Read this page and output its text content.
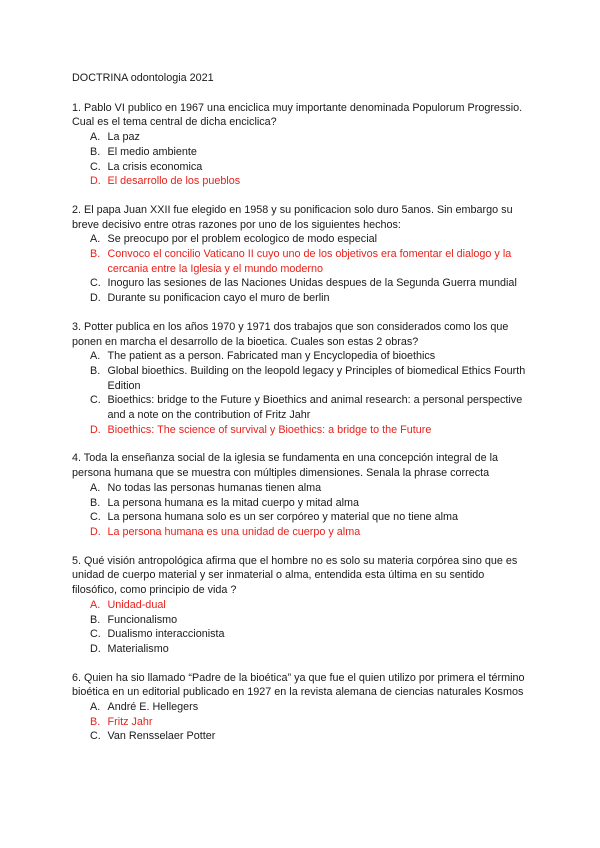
DOCTRINA odontologia 2021

1. Pablo VI publico en 1967 una enciclica muy importante denominada Populorum Progressio. Cual es el tema central de dicha enciclica?

A. La paz
B. El medio ambiente
C. La crisis economica
D. El desarrollo de los pueblos

2. El papa Juan XXII fue elegido en 1958 y su ponificacion solo duro 5anos. Sin embargo su breve decisivo entre otras razones por uno de los siguientes hechos:

A. Se preocupo por el problem ecologico de modo especial
B. Convoco el concilio Vaticano II cuyo uno de los objetivos era fomentar el dialogo y la cercania entre la Iglesia y el mundo moderno
C. Inoguro las sesiones de las Naciones Unidas despues de la Segunda Guerra mundial
D. Durante su ponificacion cayo el muro de berlin

3. Potter publica en los años 1970 y 1971 dos trabajos que son considerados como los que ponen en marcha el desarrollo de la bioetica. Cuales son estas 2 obras?

A. The patient as a person. Fabricated man y Encyclopedia of bioethics
B. Global bioethics. Building on the leopold legacy y Principles of biomedical Ethics Fourth Edition
C. Bioethics: bridge to the Future y Bioethics and animal research: a personal perspective and a note on the contribution of Fritz Jahr
D. Bioethics: The science of survival y Bioethics: a bridge to the Future

4. Toda la enseñanza social de la iglesia se fundamenta en una concepción integral de la persona humana que se muestra con múltiples dimensiones. Senala la phrase correcta

A. No todas las personas humanas tienen alma
B. La persona humana es la mitad cuerpo y mitad alma
C. La persona humana solo es un ser corpóreo y material que no tiene alma
D. La persona humana es una unidad de cuerpo y alma

5. Qué visión antropológica afirma que el hombre no es solo su materia corpórea sino que es unidad de cuerpo material y ser inmaterial o alma, entendida esta última en su sentido filosófico, como principio de vida ?

A. Unidad-dual
B. Funcionalismo
C. Dualismo interaccionista
D. Materialismo

6. Quien ha sio llamado “Padre de la bioética” ya que fue el quien utilizo por primera el término bioética en un editorial publicado en 1927 en la revista alemana de ciencias naturales Kosmos

A. André E. Hellegers
B. Fritz Jahr
C. Van Rensselaer Potter
